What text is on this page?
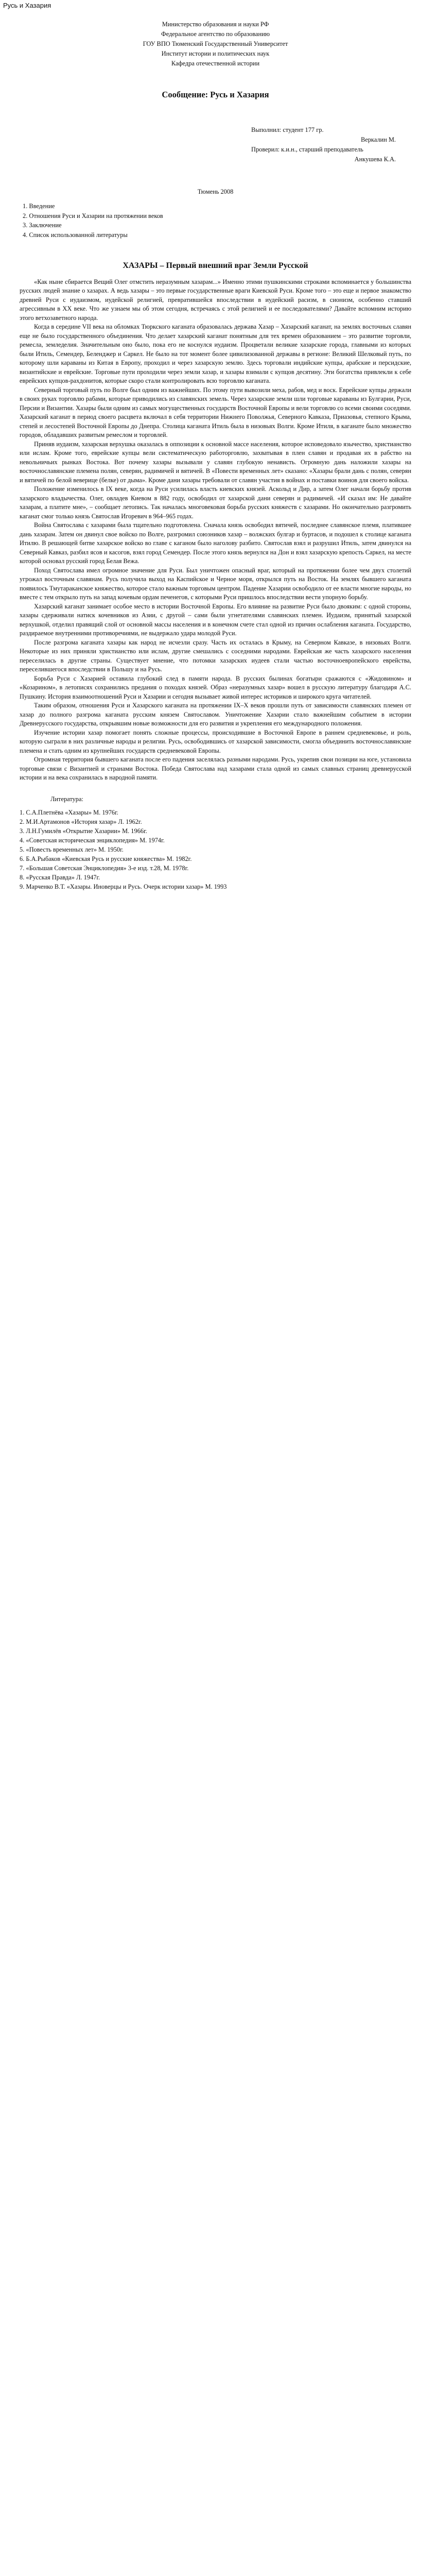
Русь и Хазария
Министерство образования и науки РФ
Федеральное агентство по образованию
ГОУ ВПО Тюменский Государственный Университет
Институт истории и политических наук
Кафедра отечественной истории
Сообщение: Русь и Хазария
Выполнил: студент 177 гр.
Веркалин М.
Проверил: к.и.н., старший преподаватель
Анкушева К.А.
Тюмень 2008
1. Введение
2. Отношения Руси и Хазарии на протяжении веков
3. Заключение
4. Список использованной литературы
ХАЗАРЫ – Первый внешний враг Земли Русской

«Как ныне сбирается Вещий Олег отмстить неразумным хазарам...» Именно этими пушкинскими строками вспоминается у большинства русских людей знание о хазарах. А ведь хазары – это первые государственные враги Киевской Руси. Кроме того – это еще и первое знакомство древней Руси с иудаизмом, иудейской религией, превратившейся впоследствии в иудейский расизм, в сионизм, особенно ставший агрессивным в XX веке. Что же узнаем мы об этом сегодня, встречаясь с этой религией и ее последователями? Давайте вспомним историю этого ветхозаветного народа.

Когда в середине VII века на обломках Тюркского каганата образовалась держава Хазар – Хазарский каганат, на землях восточных славян еще не было государственного объединения. Что делает хазарский каганат понятным для тех времен образованием – это развитие торговли, ремесла, земледелия. Значительным оно было, пока его не коснулся иудаизм. Процветали великие хазарские города, главными из которых были Итиль, Семендер, Беленджер и Саркел. Не было на тот момент более цивилизованной державы в регионе: Великий Шелковый путь, по которому шли караваны из Китая в Европу, проходил и через хазарскую землю. Здесь торговали индийские купцы, арабские и персидские, византийские и еврейские. Торговые пути проходили через земли хазар, и хазары взимали с купцов десятину. Эти богатства привлекли к себе еврейских купцов-рахдонитов, которые скоро стали контролировать всю торговлю каганата.

Северный торговый путь по Волге был одним из важнейших. По этому пути вывозили меха, рабов, мед и воск. Еврейские купцы держали в своих руках торговлю рабами, которые приводились из славянских земель. Через хазарские земли шли торговые караваны из Булгарии, Руси, Персии и Византии. Хазары были одним из самых могущественных государств Восточной Европы и вели торговлю со всеми своими соседями. Хазарский каганат в период своего расцвета включал в себя территории Нижнего Поволжья, Северного Кавказа, Приазовья, степного Крыма, степей и лесостепей Восточной Европы до Днепра. Столица каганата Итиль была в низовьях Волги. Кроме Итиля, в каганате было множество городов, обладавших развитым ремеслом и торговлей.

Приняв иудаизм, хазарская верхушка оказалась в оппозиции к основной массе населения, которое исповедовало язычество, христианство или ислам. Кроме того, еврейские купцы вели систематическую работорговлю, захватывая в плен славян и продавая их в рабство на невольничьих рынках Востока. Вот почему хазары вызывали у славян глубокую ненависть. Огромную дань наложили хазары на восточнославянские племена полян, северян, радимичей и вятичей. В «Повести временных лет» сказано: «Хазары брали дань с полян, северян и вятичей по белой веверице (белке) от дыма». Кроме дани хазары требовали от славян участия в войнах и поставки воинов для своего войска.

Положение изменилось в IX веке, когда на Руси усилилась власть киевских князей. Аскольд и Дир, а затем Олег начали борьбу против хазарского владычества. Олег, овладев Киевом в 882 году, освободил от хазарской дани северян и радимичей. «И сказал им: Не давайте хазарам, а платите мне», – сообщает летопись. Так началась многовековая борьба русских княжеств с хазарами. Но окончательно разгромить каганат смог только князь Святослав Игоревич в 964–965 годах.

Война Святослава с хазарами была тщательно подготовлена. Сначала князь освободил вятичей, последнее славянское племя, платившее дань хазарам. Затем он двинул свое войско по Волге, разгромил союзников хазар – волжских булгар и буртасов, и подошел к столице каганата Итилю. В решающей битве хазарское войско во главе с каганом было наголову разбито. Святослав взял и разрушил Итиль, затем двинулся на Северный Кавказ, разбил ясов и касогов, взял город Семендер. После этого князь вернулся на Дон и взял хазарскую крепость Саркел, на месте которой основал русский город Белая Вежа.

Поход Святослава имел огромное значение для Руси. Был уничтожен опасный враг, который на протяжении более чем двух столетий угрожал восточным славянам. Русь получила выход на Каспийское и Черное моря, открылся путь на Восток. На землях бывшего каганата появилось Тмутараканское княжество, которое стало важным торговым центром. Падение Хазарии освободило от ее власти многие народы, но вместе с тем открыло путь на запад кочевым ордам печенегов, с которыми Руси пришлось впоследствии вести упорную борьбу.

Хазарский каганат занимает особое место в истории Восточной Европы. Его влияние на развитие Руси было двояким: с одной стороны, хазары сдерживали натиск кочевников из Азии, с другой – сами были угнетателями славянских племен. Иудаизм, принятый хазарской верхушкой, отделил правящий слой от основной массы населения и в конечном счете стал одной из причин ослабления каганата. Государство, раздираемое внутренними противоречиями, не выдержало удара молодой Руси.

После разгрома каганата хазары как народ не исчезли сразу. Часть их осталась в Крыму, на Северном Кавказе, в низовьях Волги. Некоторые из них приняли христианство или ислам, другие смешались с соседними народами. Еврейская же часть хазарского населения переселилась в другие страны. Существует мнение, что потомки хазарских иудеев стали частью восточноевропейского еврейства, переселившегося впоследствии в Польшу и на Русь.

Борьба Руси с Хазарией оставила глубокий след в памяти народа. В русских былинах богатыри сражаются с «Жидовином» и «Козарином», в летописях сохранились предания о походах князей. Образ «неразумных хазар» вошел в русскую литературу благодаря А.С. Пушкину. История взаимоотношений Руси и Хазарии и сегодня вызывает живой интерес историков и широкого круга читателей.

Таким образом, отношения Руси и Хазарского каганата на протяжении IX–X веков прошли путь от зависимости славянских племен от хазар до полного разгрома каганата русским князем Святославом. Уничтожение Хазарии стало важнейшим событием в истории Древнерусского государства, открывшим новые возможности для его развития и укрепления его международного положения.

Изучение истории хазар помогает понять сложные процессы, происходившие в Восточной Европе в раннем средневековье, и роль, которую сыграли в них различные народы и религии. Русь, освободившись от хазарской зависимости, смогла объединить восточнославянские племена и стать одним из крупнейших государств средневековой Европы.

Огромная территория бывшего каганата после его падения заселялась разными народами. Русь, укрепив свои позиции на юге, установила торговые связи с Византией и странами Востока. Победа Святослава над хазарами стала одной из самых славных страниц древнерусской истории и на века сохранилась в народной памяти.

Литература:
1. С.А.Плетнёва «Хазары» М. 1976г.
2. М.И.Артамонов «История хазар» Л. 1962г.
3. Л.Н.Гумилёв «Открытие Хазарии» М. 1966г.
4. «Советская историческая энциклопедия» М. 1974г.
5. «Повесть временных лет» М. 1950г.
6. Б.А.Рыбаков «Киевская Русь и русские княжества» М. 1982г.
7. «Большая Советская Энциклопедия» 3-е изд. т.28, М. 1978г.
8. «Русская Правда» Л. 1947г.
9. Марченко В.Т. «Хазары. Иноверцы и Русь. Очерк истории хазар» М. 1993
